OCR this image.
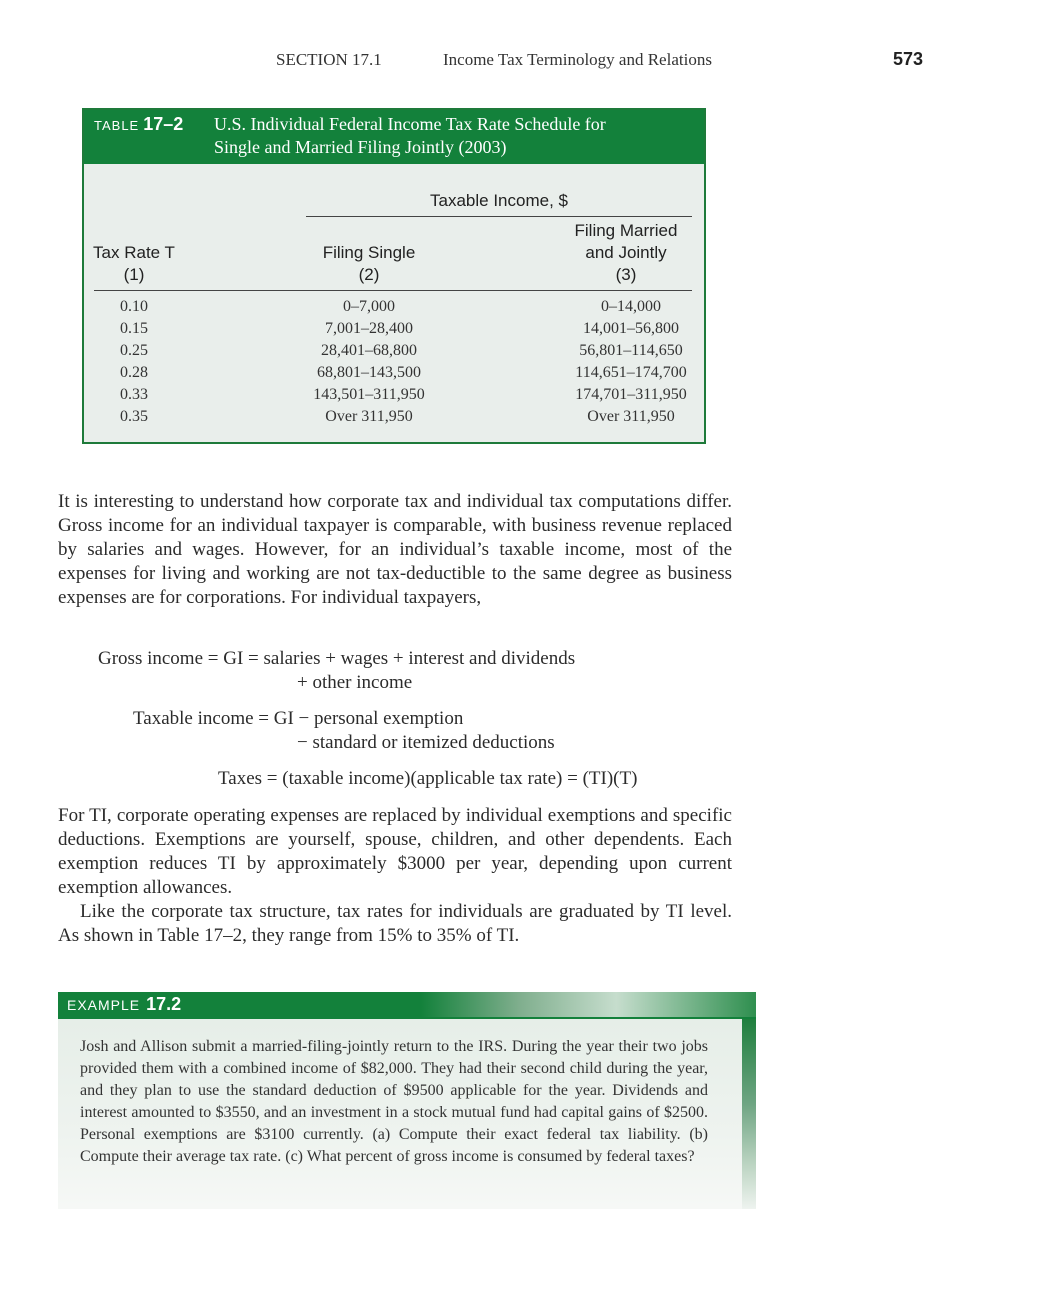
SECTION 17.1	Income Tax Terminology and Relations	573
TABLE 17–2 U.S. Individual Federal Income Tax Rate Schedule for
Single and Married Filing Jointly (2003)
Taxable Income, $
Tax Rate T
(1)
Filing Single
(2)
Filing Married
and Jointly
(3)
0.10	0–7,000	0–14,000
0.15	7,001–28,400	14,001–56,800
0.25	28,401–68,800	56,801–114,650
0.28	68,801–143,500	114,651–174,700
0.33	143,501–311,950	174,701–311,950
0.35	Over 311,950	Over 311,950

It is interesting to understand how corporate tax and individual tax computations differ. Gross income for an individual taxpayer is comparable, with business revenue replaced by salaries and wages. However, for an individual’s taxable income, most of the expenses for living and working are not tax-deductible to the same degree as business expenses are for corporations. For individual taxpayers,

Gross income = GI = salaries + wages + interest and dividends
+ other income
Taxable income = GI − personal exemption
− standard or itemized deductions
Taxes = (taxable income)(applicable tax rate) = (TI)(T)

For TI, corporate operating expenses are replaced by individual exemptions and specific deductions. Exemptions are yourself, spouse, children, and other dependents. Each exemption reduces TI by approximately $3000 per year, depending upon current exemption allowances.

Like the corporate tax structure, tax rates for individuals are graduated by TI level. As shown in Table 17–2, they range from 15% to 35% of TI.

EXAMPLE 17.2

Josh and Allison submit a married-filing-jointly return to the IRS. During the year their two jobs provided them with a combined income of $82,000. They had their second child during the year, and they plan to use the standard deduction of $9500 applicable for the year. Dividends and interest amounted to $3550, and an investment in a stock mutual fund had capital gains of $2500. Personal exemptions are $3100 currently. (a) Compute their exact federal tax liability. (b) Compute their average tax rate. (c) What percent of gross income is consumed by federal taxes?
